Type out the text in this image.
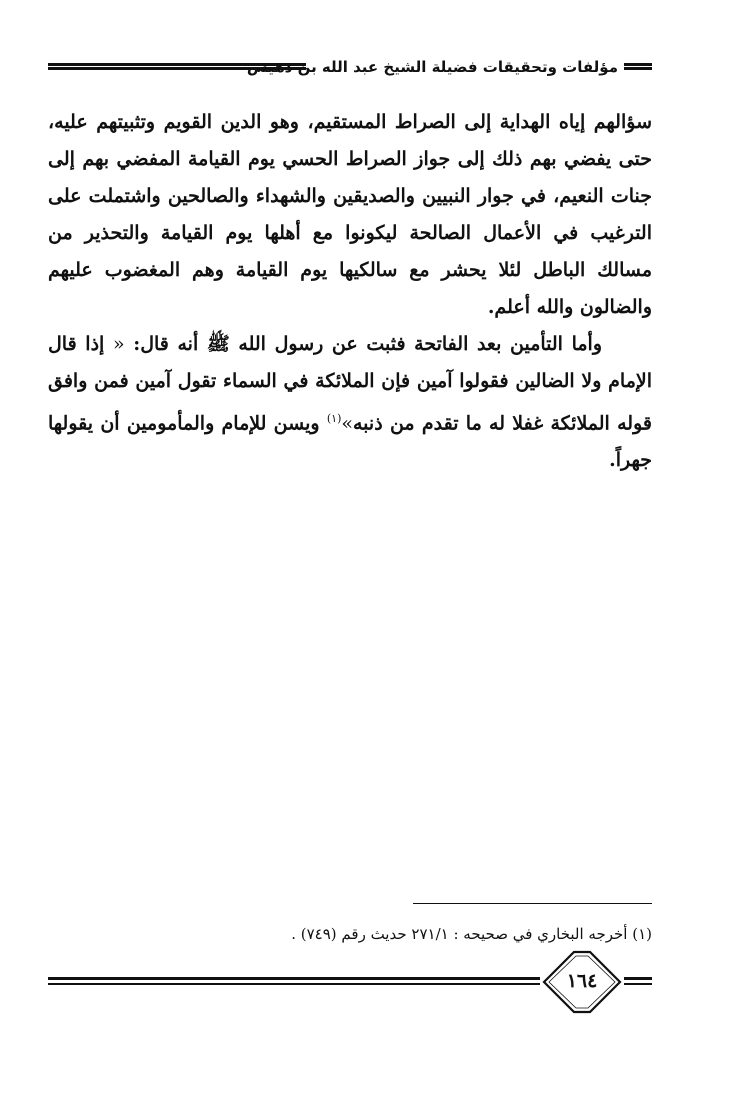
مؤلفات وتحقيقات فضيلة الشيخ عبد الله بن دهيش

سؤالهم إياه الهداية إلى الصراط المستقيم، وهو الدين القويم وتثبيتهم عليه، حتى يفضي بهم ذلك إلى جواز الصراط الحسي يوم القيامة المفضي بهم إلى جنات النعيم، في جوار النبيين والصديقين والشهداء والصالحين واشتملت على الترغيب في الأعمال الصالحة ليكونوا مع أهلها يوم القيامة والتحذير من مسالك الباطل لئلا يحشر مع سالكيها يوم القيامة وهم المغضوب عليهم والضالون والله أعلم.

وأما التأمين بعد الفاتحة فثبت عن رسول الله ﷺ أنه قال: « إذا قال الإمام ولا الضالين فقولوا آمين فإن الملائكة في السماء تقول آمين فمن وافق قوله الملائكة غفلا له ما تقدم من ذنبه»$^{(١)}$ ويسن للإمام والمأمومين أن يقولها جهراً.

(١) أخرجه البخاري في صحيحه : ٢٧١/١ حديث رقم (٧٤٩) .
١٦٤
